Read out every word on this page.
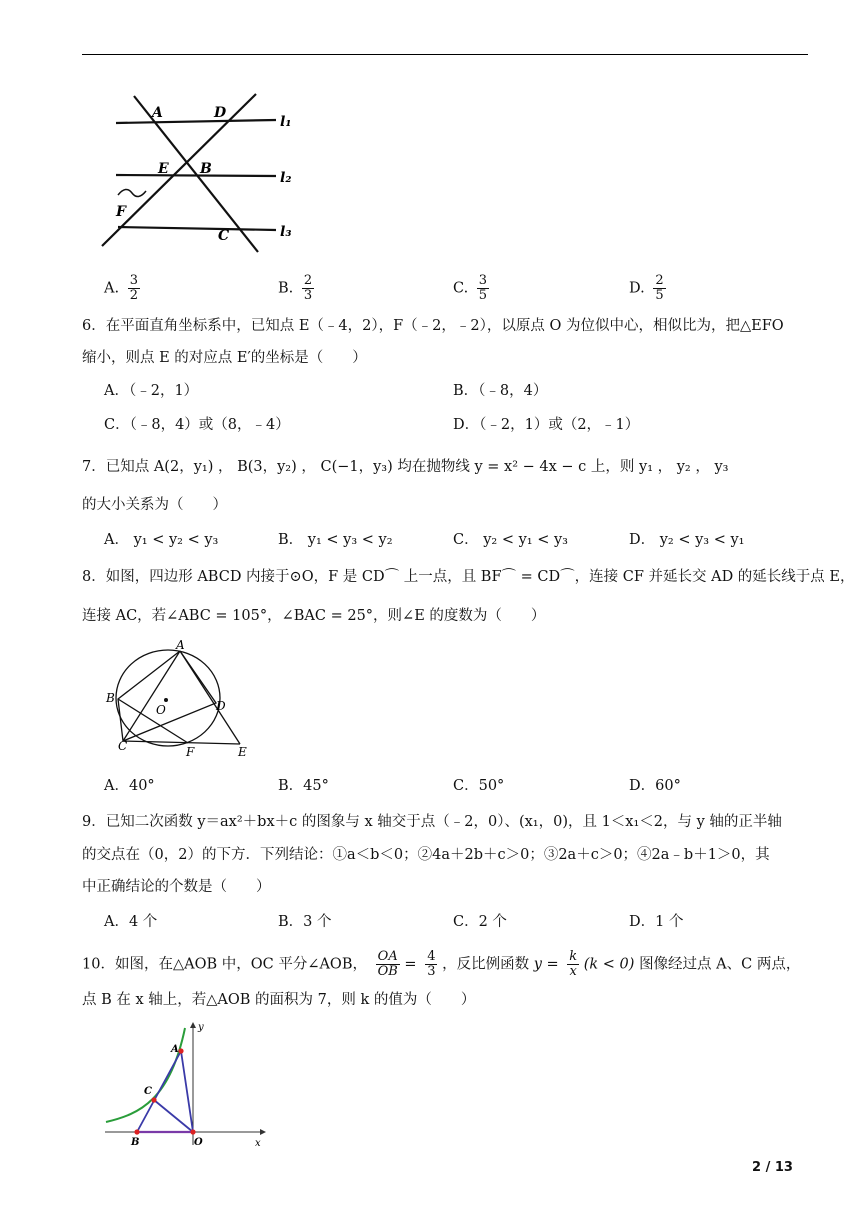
A	D
l₁
E B
l₂
F
C	l₃
A. $\frac{3}{2}$	B. $\frac{2}{3}$	C. $\frac{3}{5}$	D. $\frac{2}{5}$
6．在平面直角坐标系中，已知点 E（﹣4，2），F（﹣2，﹣2），以原点 O 为位似中心，相似比为，把△EFO
缩小，则点 E 的对应点 E′的坐标是（　　）
A．（﹣2，1）	B．（﹣8，4）
C．（﹣8，4）或（8，﹣4）	D．（﹣2，1）或（2，﹣1）
7．已知点 A(2，y₁) ， B(3，y₂) ， C(−1，y₃) 均在抛物线 y = x² − 4x − c 上，则 y₁ ， y₂ ， y₃
的大小关系为（　　）
A． y₁ < y₂ < y₃	B． y₁ < y₃ < y₂	C． y₂ < y₁ < y₃	D． y₂ < y₃ < y₁
8．如图，四边形 ABCD 内接于⊙O，F 是 CD⌒ 上一点，且 BF⌒ = CD⌒，连接 CF 并延长交 AD 的延长线于点 E，
连接 AC，若∠ABC = 105°，∠BAC = 25°，则∠E 的度数为（　　）
A
B
O	D
C	F	E
A．40°	B．45°	C．50°	D．60°
9．已知二次函数 y＝ax²＋bx＋c 的图象与 x 轴交于点（﹣2，0）、(x₁，0)，且 1＜x₁＜2，与 y 轴的正半轴
的交点在（0，2）的下方．下列结论：①a＜b＜0；②4a＋2b＋c＞0；③2a＋c＞0；④2a﹣b＋1＞0，其
中正确结论的个数是（　　）
A．4 个	B．3 个	C．2 个	D．1 个
10．如图，在△AOB 中，OC 平分∠AOB， $\frac{OA}{OB} = \frac{4}{3}$ ，反比例函数 $y = \frac{k}{x} (k < 0)$ 图像经过点 A、C 两点，
点 B 在 x 轴上，若△AOB 的面积为 7，则 k 的值为（　　）
A
C
B	O	x
y
2 / 13
